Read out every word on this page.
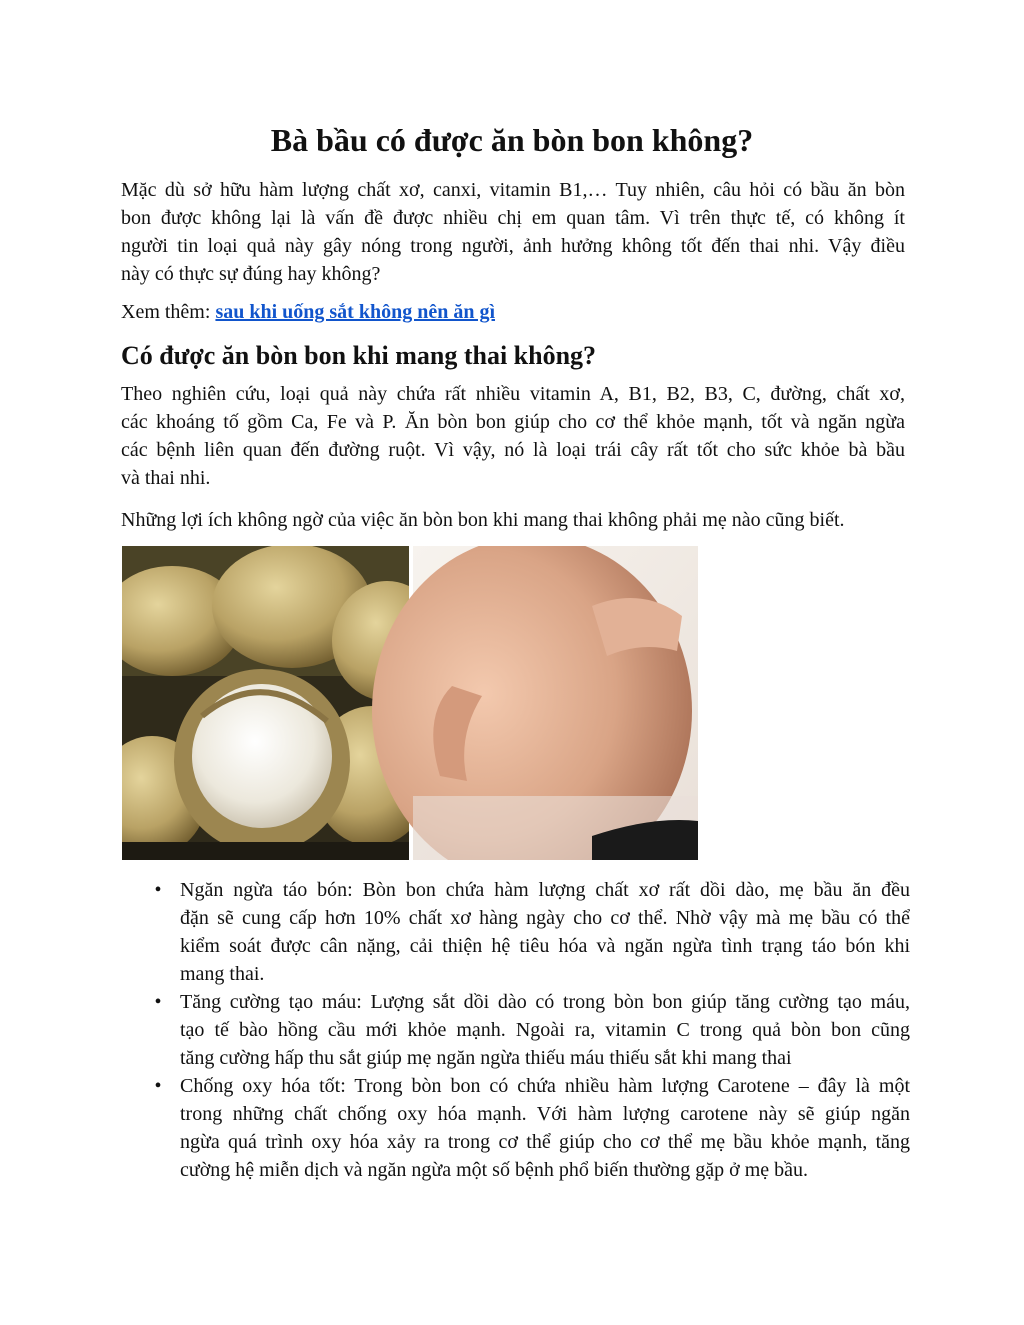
Bà bầu có được ăn bòn bon không?

Mặc dù sở hữu hàm lượng chất xơ, canxi, vitamin B1,… Tuy nhiên, câu hỏi có bầu ăn bòn
bon được không lại là vấn đề được nhiều chị em quan tâm. Vì trên thực tế, có không ít
người tin loại quả này gây nóng trong người, ảnh hưởng không tốt đến thai nhi. Vậy điều
này có thực sự đúng hay không?

Xem thêm: sau khi uống sắt không nên ăn gì

Có được ăn bòn bon khi mang thai không?

Theo nghiên cứu, loại quả này chứa rất nhiều vitamin A, B1, B2, B3, C, đường, chất xơ,
các khoáng tố gồm Ca, Fe và P. Ăn bòn bon giúp cho cơ thể khỏe mạnh, tốt và ngăn ngừa
các bệnh liên quan đến đường ruột. Vì vậy, nó là loại trái cây rất tốt cho sức khỏe bà bầu
và thai nhi.

Những lợi ích không ngờ của việc ăn bòn bon khi mang thai không phải mẹ nào cũng biết.

• Ngăn ngừa táo bón: Bòn bon chứa hàm lượng chất xơ rất dồi dào, mẹ bầu ăn đều
đặn sẽ cung cấp hơn 10% chất xơ hàng ngày cho cơ thể. Nhờ vậy mà mẹ bầu có thể
kiểm soát được cân nặng, cải thiện hệ tiêu hóa và ngăn ngừa tình trạng táo bón khi
mang thai.
• Tăng cường tạo máu: Lượng sắt dồi dào có trong bòn bon giúp tăng cường tạo máu,
tạo tế bào hồng cầu mới khỏe mạnh. Ngoài ra, vitamin C trong quả bòn bon cũng
tăng cường hấp thu sắt giúp mẹ ngăn ngừa thiếu máu thiếu sắt khi mang thai
• Chống oxy hóa tốt: Trong bòn bon có chứa nhiều hàm lượng Carotene – đây là một
trong những chất chống oxy hóa mạnh. Với hàm lượng carotene này sẽ giúp ngăn
ngừa quá trình oxy hóa xảy ra trong cơ thể giúp cho cơ thể mẹ bầu khỏe mạnh, tăng
cường hệ miễn dịch và ngăn ngừa một số bệnh phổ biến thường gặp ở mẹ bầu.
